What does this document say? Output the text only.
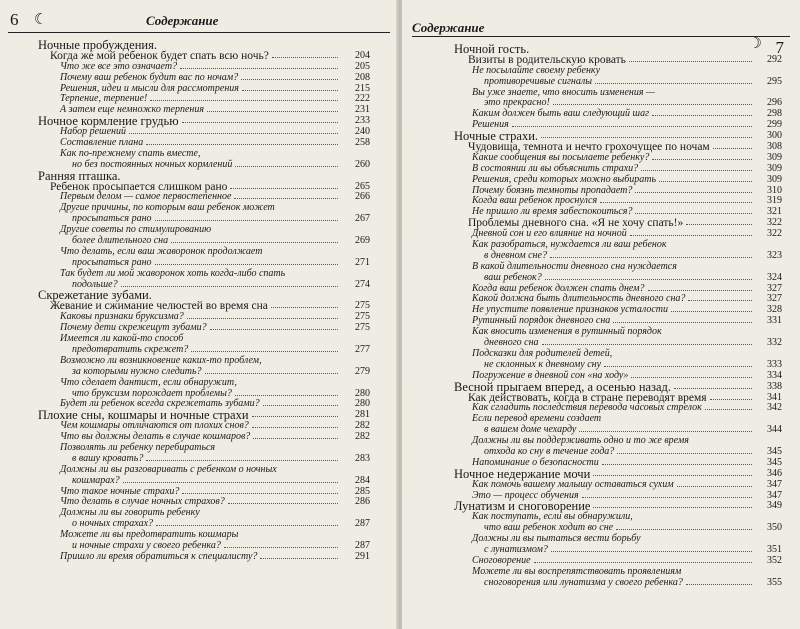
6 ☾	Содержание
Ночные пробуждения.
Когда же мой ребенок будет спать всю ночь?	204
Что же все это означает?	205
Почему ваш ребенок будит вас по ночам?	208
Решения, идеи и мысли для рассмотрения	215
Терпение, терпение!	222
А затем еще немножко терпения	231
Ночное кормление грудью	233
Набор решений	240
Составление плана	258
Как по-прежнему спать вместе,
но без постоянных ночных кормлений	260
Ранняя пташка.
Ребенок просыпается слишком рано	265
Первым делом — самое первостепенное	266
Другие причины, по которым ваш ребенок может
просыпаться рано	267
Другие советы по стимулированию
более длительного сна	269
Что делать, если ваш жаворонок продолжает
просыпаться рано	271
Так будет ли мой жаворонок хоть когда-либо спать
подольше?	274
Скрежетание зубами.
Жевание и сжимание челюстей во время сна	275
Каковы признаки бруксизма?	275
Почему дети скрежещут зубами?	275
Имеется ли какой-то способ
предотвратить скрежет?	277
Возможно ли возникновение каких-то проблем,
за которыми нужно следить?	279
Что сделает дантист, если обнаружит,
что бруксизм порождает проблемы?	280
Будет ли ребенок всегда скрежетать зубами?	280
Плохие сны, кошмары и ночные страхи	281
Чем кошмары отличаются от плохих снов?	282
Что вы должны делать в случае кошмаров?	282
Позволять ли ребенку перебираться
в вашу кровать?	283
Должны ли вы разговаривать с ребенком о ночных
кошмарах?	284
Что такое ночные страхи?	285
Что делать в случае ночных страхов?	286
Должны ли вы говорить ребенку
о ночных страхах?	287
Можете ли вы предотвратить кошмары
и ночные страхи у своего ребенка?	287
Пришло ли время обратиться к специалисту?	291
Содержание
☽ 7
Ночной гость.
Визиты в родительскую кровать	292
Не посылайте своему ребенку
противоречивые сигналы	295
Вы уже знаете, что вносить изменения —
это прекрасно!	296
Каким должен быть ваш следующий шаг	298
Решения	299
Ночные страхи.	300
Чудовища, темнота и нечто грохочущее по ночам	308
Какие сообщения вы посылаете ребенку?	309
В состоянии ли вы объяснить страхи?	309
Решения, среди которых можно выбирать	309
Почему боязнь темноты пропадает?	310
Когда ваш ребенок проснулся	319
Не пришло ли время забеспокоиться?	321
Проблемы дневного сна. «Я не хочу спать!»	322
Дневной сон и его влияние на ночной	322
Как разобраться, нуждается ли ваш ребенок
в дневном сне?	323
В какой длительности дневного сна нуждается
ваш ребенок?	324
Когда ваш ребенок должен спать днем?	327
Какой должна быть длительность дневного сна?	327
Не упустите появление признаков усталости	328
Рутинный порядок дневного сна	331
Как вносить изменения в рутинный порядок
дневного сна	332
Подсказки для родителей детей,
не склонных к дневному сну	333
Погружение в дневной сон «на ходу»	334
Весной прыгаем вперед, а осенью назад.	338
Как действовать, когда в стране переводят время	341
Как сгладить последствия перевода часовых стрелок	342
Если перевод времени создает
в вашем доме чехарду	344
Должны ли вы поддерживать одно и то же время
отхода ко сну в течение года?	345
Напоминание о безопасности	345
Ночное недержание мочи	346
Как помочь вашему малышу оставаться сухим	347
Это — процесс обучения	347
Лунатизм и сноговорение	349
Как поступать, если вы обнаружили,
что ваш ребенок ходит во сне	350
Должны ли вы пытаться вести борьбу
с лунатизмом?	351
Сноговорение	352
Можете ли вы воспрепятствовать проявлениям
сноговорения или лунатизма у своего ребенка?	355
